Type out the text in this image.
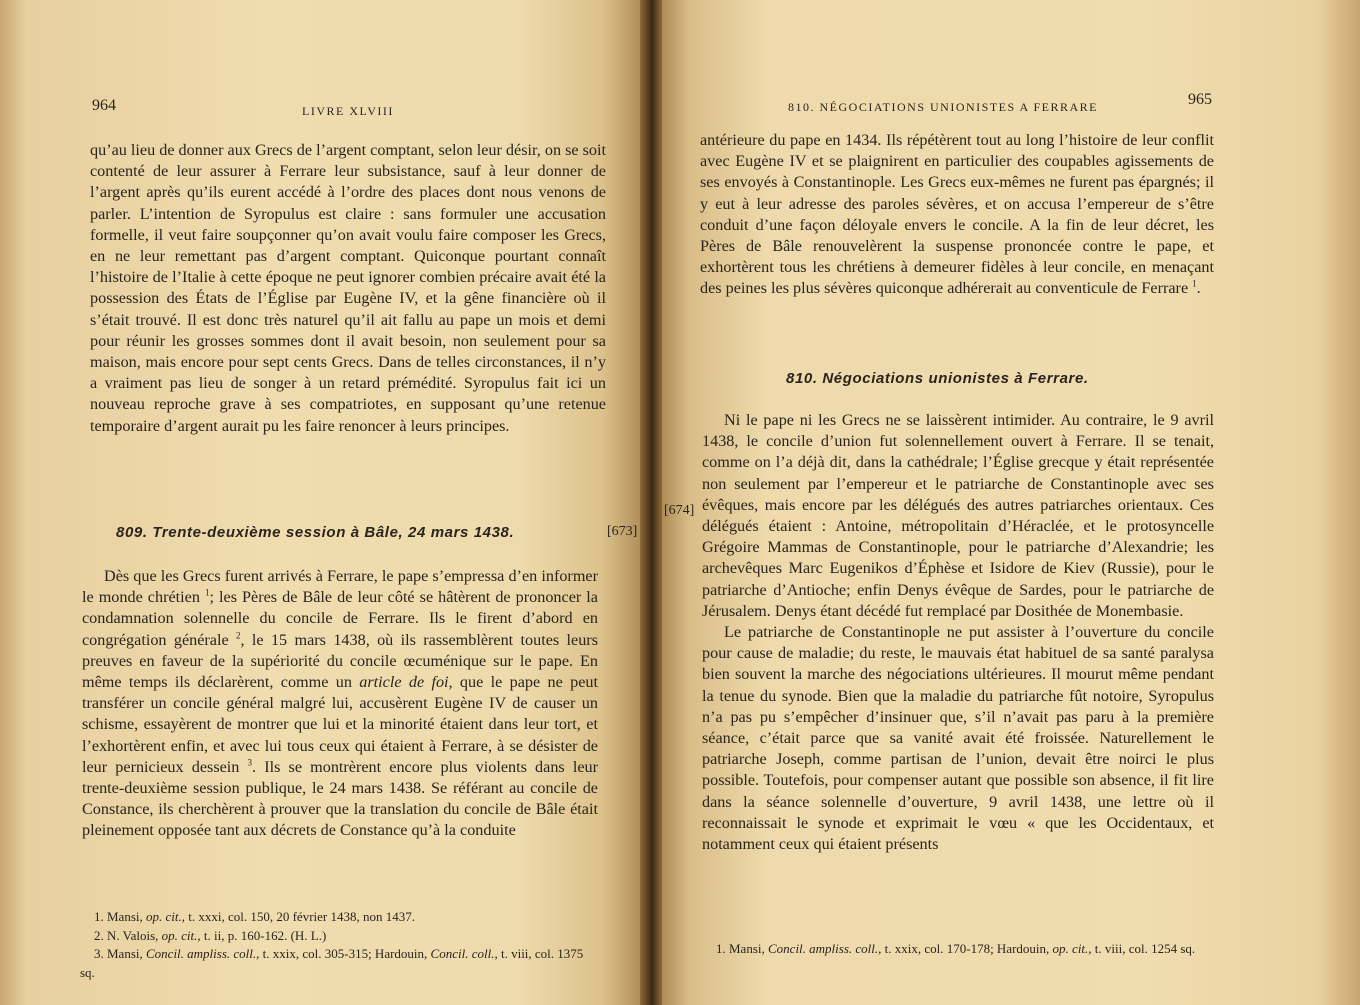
964	LIVRE XLVIII

qu’au lieu de donner aux Grecs de l’argent comptant, selon leur désir, on se soit contenté de leur assurer à Ferrare leur subsistance, sauf à leur donner de l’argent après qu’ils eurent accédé à l’ordre des places dont nous venons de parler. L’intention de Syropulus est claire : sans formuler une accusation formelle, il veut faire soupçonner qu’on avait voulu faire composer les Grecs, en ne leur remettant pas d’argent comptant. Quiconque pourtant connaît l’histoire de l’Italie à cette époque ne peut ignorer combien précaire avait été la possession des États de l’Église par Eugène IV, et la gêne financière où il s’était trouvé. Il est donc très naturel qu’il ait fallu au pape un mois et demi pour réunir les grosses sommes dont il avait besoin, non seulement pour sa maison, mais encore pour sept cents Grecs. Dans de telles circonstances, il n’y a vraiment pas lieu de songer à un retard prémédité. Syropulus fait ici un nouveau reproche grave à ses compatriotes, en supposant qu’une retenue temporaire d’argent aurait pu les faire renoncer à leurs principes.

809. Trente-deuxième session à Bâle, 24 mars 1438.	[673]

Dès que les Grecs furent arrivés à Ferrare, le pape s’empressa d’en informer le monde chrétien $^1$; les Pères de Bâle de leur côté se hâtèrent de prononcer la condamnation solennelle du concile de Ferrare. Ils le firent d’abord en congrégation générale $^2$, le 15 mars 1438, où ils rassemblèrent toutes leurs preuves en faveur de la supériorité du concile œcuménique sur le pape. En même temps ils déclarèrent, comme un article de foi, que le pape ne peut transférer un concile général malgré lui, accusèrent Eugène IV de causer un schisme, essayèrent de montrer que lui et la minorité étaient dans leur tort, et l’exhortèrent enfin, et avec lui tous ceux qui étaient à Ferrare, à se désister de leur pernicieux dessein $^3$. Ils se montrèrent encore plus violents dans leur trente-deuxième session publique, le 24 mars 1438. Se référant au concile de Constance, ils cherchèrent à prouver que la translation du concile de Bâle était pleinement opposée tant aux décrets de Constance qu’à la conduite

1. Mansi, op. cit., t. xxxi, col. 150, 20 février 1438, non 1437.
2. N. Valois, op. cit., t. ii, p. 160-162. (H. L.)
3. Mansi, Concil. ampliss. coll., t. xxix, col. 305-315; Hardouin, Concil. coll., t. viii, col. 1375 sq.
810. NÉGOCIATIONS UNIONISTES A FERRARE	965

antérieure du pape en 1434. Ils répétèrent tout au long l’histoire de leur conflit avec Eugène IV et se plaignirent en particulier des coupables agissements de ses envoyés à Constantinople. Les Grecs eux-mêmes ne furent pas épargnés; il y eut à leur adresse des paroles sévères, et on accusa l’empereur de s’être conduit d’une façon déloyale envers le concile. A la fin de leur décret, les Pères de Bâle renouvelèrent la suspense prononcée contre le pape, et exhortèrent tous les chrétiens à demeurer fidèles à leur concile, en menaçant des peines les plus sévères quiconque adhérerait au conventicule de Ferrare $^1$.

810. Négociations unionistes à Ferrare.
[674]

Ni le pape ni les Grecs ne se laissèrent intimider. Au contraire, le 9 avril 1438, le concile d’union fut solennellement ouvert à Ferrare. Il se tenait, comme on l’a déjà dit, dans la cathédrale; l’Église grecque y était représentée non seulement par l’empereur et le patriarche de Constantinople avec ses évêques, mais encore par les délégués des autres patriarches orientaux. Ces délégués étaient : Antoine, métropolitain d’Héraclée, et le protosyncelle Grégoire Mammas de Constantinople, pour le patriarche d’Alexandrie; les archevêques Marc Eugenikos d’Éphèse et Isidore de Kiev (Russie), pour le patriarche d’Antioche; enfin Denys évêque de Sardes, pour le patriarche de Jérusalem. Denys étant décédé fut remplacé par Dosithée de Monembasie.

Le patriarche de Constantinople ne put assister à l’ouverture du concile pour cause de maladie; du reste, le mauvais état habituel de sa santé paralysa bien souvent la marche des négociations ultérieures. Il mourut même pendant la tenue du synode. Bien que la maladie du patriarche fût notoire, Syropulus n’a pas pu s’empêcher d’insinuer que, s’il n’avait pas paru à la première séance, c’était parce que sa vanité avait été froissée. Naturellement le patriarche Joseph, comme partisan de l’union, devait être noirci le plus possible. Toutefois, pour compenser autant que possible son absence, il fit lire dans la séance solennelle d’ouverture, 9 avril 1438, une lettre où il reconnaissait le synode et exprimait le vœu « que les Occidentaux, et notamment ceux qui étaient présents

1. Mansi, Concil. ampliss. coll., t. xxix, col. 170-178; Hardouin, op. cit., t. viii, col. 1254 sq.
